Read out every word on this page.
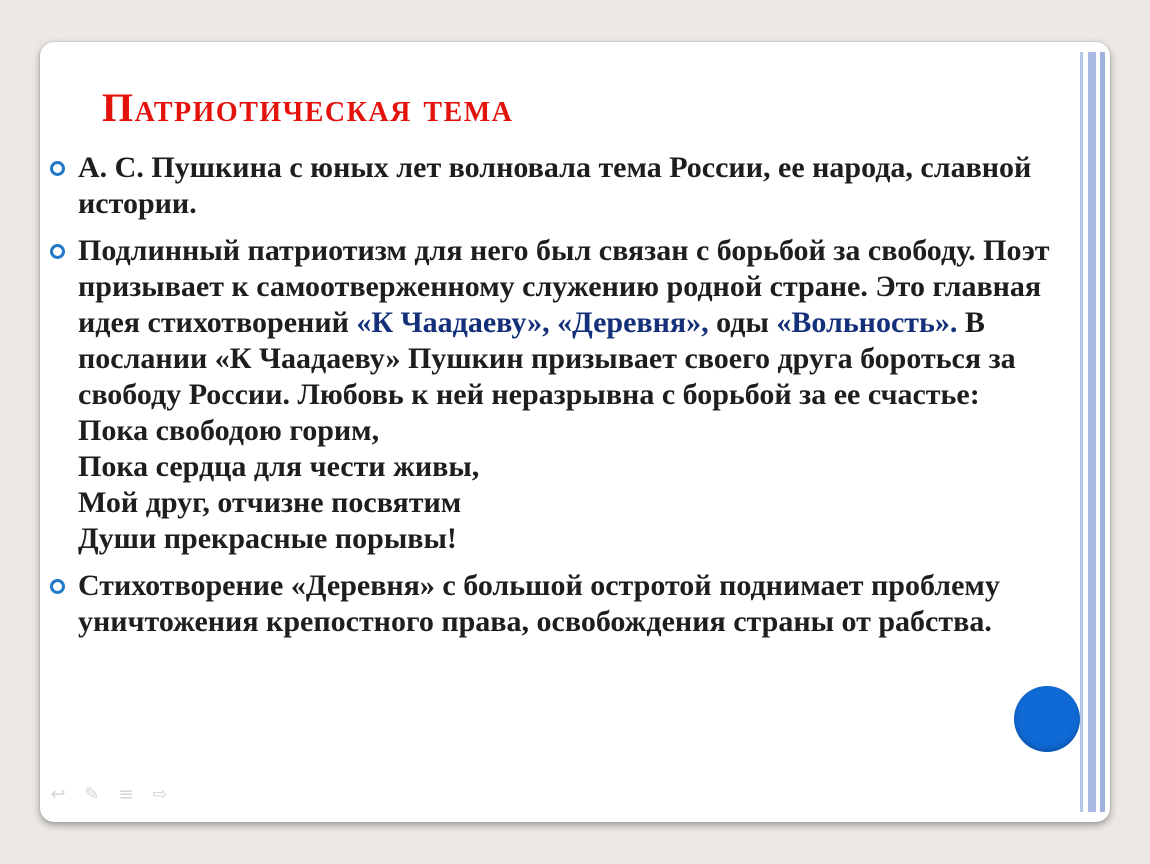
Патриотическая тема
А. С. Пушкина с юных лет волновала тема России, ее народа, славной истории.
Подлинный патриотизм для него был связан с борьбой за свободу. Поэт призывает к самоотверженному служению родной стране. Это главная идея стихотворений «К Чаадаеву», «Деревня», оды «Вольность». В послании «К Чаадаеву» Пушкин призывает своего друга бороться за свободу России. Любовь к ней неразрывна с борьбой за ее счастье:
Пока свободою горим,
Пока сердца для чести живы,
Мой друг, отчизне посвятим
Души прекрасные порывы!
Стихотворение «Деревня» с большой остротой поднимает проблему уничтожения крепостного права, освобождения страны от рабства.
↩ ✎ ≡ ⇨
